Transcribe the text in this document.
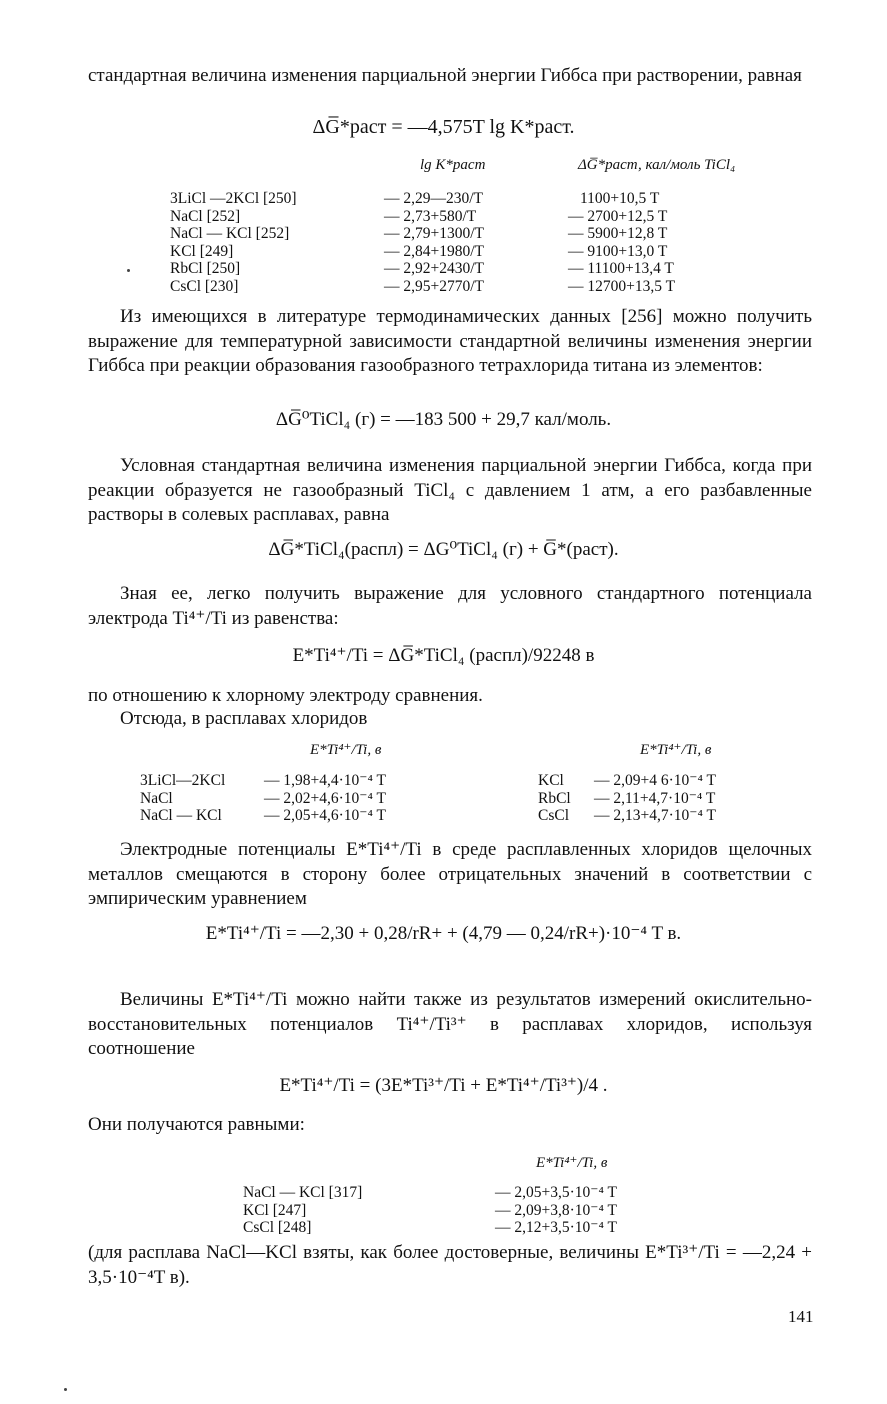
стандартная величина изменения парциальной энергии Гиббса при растворении, равная
ΔG̅*раст = —4,575T lg K*раст.
lg K*раст	ΔG̅*раст, кал/моль TiCl₄
3LiCl —2KCl [250]	— 2,29—230/T	1100+10,5 T
NaCl [252]	— 2,73+580/T	— 2700+12,5 T
NaCl — KCl [252]	— 2,79+1300/T	— 5900+12,8 T
KCl [249]	— 2,84+1980/T	— 9100+13,0 T
RbCl [250]	— 2,92+2430/T	— 11100+13,4 T
CsCl [230]	— 2,95+2770/T	— 12700+13,5 T
Из имеющихся в литературе термодинамических данных [256] можно получить выражение для температурной зависимости стандартной величины изменения энергии Гиббса при реакции образования газообразного тетрахлорида титана из элементов:
ΔG̅⁰TiCl₄ (г) = —183 500 + 29,7 кал/моль.
Условная стандартная величина изменения парциальной энергии Гиббса, когда при реакции образуется не газообразный TiCl₄ с давлением 1 атм, а его разбавленные растворы в солевых расплавах, равна
ΔG̅*TiCl₄(распл) = ΔG⁰TiCl₄ (г) + G̅*(раст).
Зная ее, легко получить выражение для условного стандартного потенциала электрода Ti⁴⁺/Ti из равенства:
E*Ti⁴⁺/Ti = ΔG̅*TiCl₄ (распл)/92248 в
по отношению к хлорному электроду сравнения.
Отсюда, в расплавах хлоридов
E*Ti⁴⁺/Ti, в	E*Ti⁴⁺/Ti, в
3LiCl—2KCl — 1,98+4,4·10⁻⁴ T	KCl — 2,09+4 6·10⁻⁴ T
NaCl	— 2,02+4,6·10⁻⁴ T	RbCl — 2,11+4,7·10⁻⁴ T
NaCl — KCl	— 2,05+4,6·10⁻⁴ T	CsCl — 2,13+4,7·10⁻⁴ T
Электродные потенциалы E*Ti⁴⁺/Ti в среде расплавленных хлоридов щелочных металлов смещаются в сторону более отрицательных значений в соответствии с эмпирическим уравнением
E*Ti⁴⁺/Ti = —2,30 + 0,28/rR+ + (4,79 — 0,24/rR+)·10⁻⁴ T в.
Величины E*Ti⁴⁺/Ti можно найти также из результатов измерений окислительно-восстановительных потенциалов Ti⁴⁺/Ti³⁺ в расплавах хлоридов, используя соотношение
E*Ti⁴⁺/Ti = (3E*Ti³⁺/Ti + E*Ti⁴⁺/Ti³⁺)/4 .
Они получаются равными:
E*Ti⁴⁺/Ti, в
NaCl — KCl [317]	— 2,05+3,5·10⁻⁴ T
KCl [247]	— 2,09+3,8·10⁻⁴ T
CsCl [248]	— 2,12+3,5·10⁻⁴ T
(для расплава NaCl—KCl взяты, как более достоверные, величины E*Ti³⁺/Ti = —2,24 + 3,5·10⁻⁴T в).
141
